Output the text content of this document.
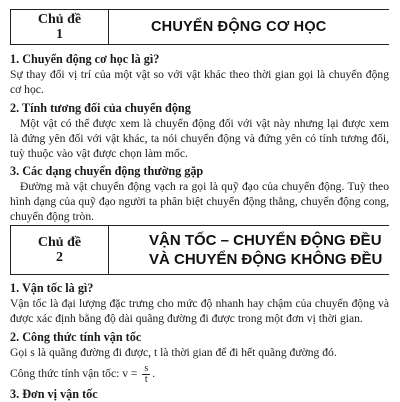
Chủ đề
1	CHUYỂN ĐỘNG CƠ HỌC

1. Chuyển động cơ học là gì?

Sự thay đổi vị trí của một vật so với vật khác theo thời gian gọi là chuyển động cơ học.

2. Tính tương đối của chuyển động

Một vật có thể được xem là chuyển động đối với vật này nhưng lại được xem là đứng yên đối với vật khác, ta nói chuyển động và đứng yên có tính tương đối, tuỳ thuộc vào vật được chọn làm mốc.

3. Các dạng chuyển động thường gặp

Đường mà vật chuyển động vạch ra gọi là quỹ đạo của chuyển động. Tuỳ theo hình dạng của quỹ đạo người ta phân biệt chuyển động thẳng, chuyển động cong, chuyển động tròn.

Chủ đề
2
VẬN TỐC – CHUYỂN ĐỘNG ĐỀU
VÀ CHUYỂN ĐỘNG KHÔNG ĐỀU

1. Vận tốc là gì?

Vận tốc là đại lượng đặc trưng cho mức độ nhanh hay chậm của chuyển động và được xác định bằng độ dài quãng đường đi được trong một đơn vị thời gian.

2. Công thức tính vận tốc

Gọi s là quãng đường đi được, t là thời gian để đi hết quãng đường đó.

Công thức tính vận tốc: $v = \frac{s}{t}$ .

3. Đơn vị vận tốc
